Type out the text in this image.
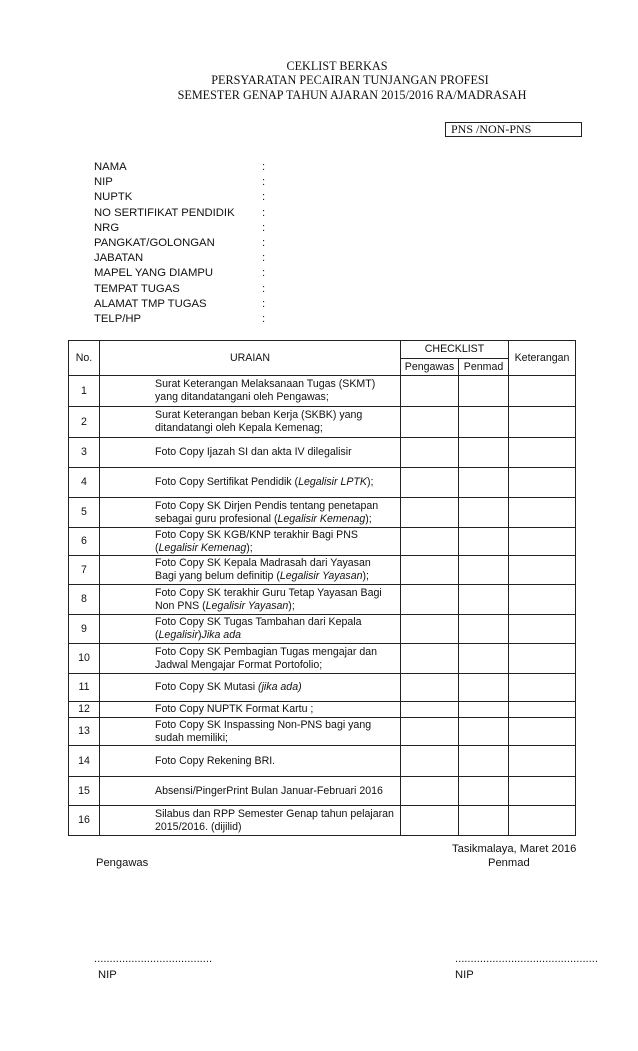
CEKLIST BERKAS
PERSYARATAN PECAIRAN TUNJANGAN PROFESI
SEMESTER GENAP TAHUN AJARAN 2015/2016 RA/MADRASAH
PNS /NON-PNS
NAMA	:
NIP	:
NUPTK	:
NO SERTIFIKAT PENDIDIK :
NRG	:
PANGKAT/GOLONGAN	:
JABATAN	:
MAPEL YANG DIAMPU	:
TEMPAT TUGAS	:
ALAMAT TMP TUGAS	:
TELP/HP	:
No.	URAIAN	CHECKLIST		Keterangan
		Pengawas	Penmad	
1	Surat Keterangan Melaksanaan Tugas (SKMT) yang ditandatangani oleh Pengawas;			
2	Surat Keterangan beban Kerja (SKBK) yang ditandatangi oleh Kepala Kemenag;			
3	Foto Copy Ijazah SI dan akta IV dilegalisir			
4	Foto Copy Sertifikat Pendidik (Legalisir LPTK);			
5	Foto Copy SK Dirjen Pendis tentang penetapan sebagai guru profesional (Legalisir Kemenag);			
6	Foto Copy SK KGB/KNP terakhir Bagi PNS (Legalisir Kemenag);			
7	Foto Copy SK Kepala Madrasah dari Yayasan Bagi yang belum definitip (Legalisir Yayasan);			
8	Foto Copy SK terakhir Guru Tetap Yayasan Bagi Non PNS (Legalisir Yayasan);			
9	Foto Copy SK Tugas Tambahan dari Kepala (Legalisir)Jika ada			
10	Foto Copy SK Pembagian Tugas mengajar dan Jadwal Mengajar Format Portofolio;			
11	Foto Copy SK Mutasi (jika ada)			
12	Foto Copy NUPTK Format Kartu ;			
13	Foto Copy SK Inspassing Non-PNS bagi yang sudah memiliki;			
14	Foto Copy Rekening BRI.			
15	Absensi/PingerPrint Bulan Januar-Februari 2016			
16	Silabus dan RPP Semester Genap tahun pelajaran 2015/2016. (dijilid)			
Tasikmalaya, Maret 2016
Pengawas	Penmad
......................................	..............................................
NIP	NIP
